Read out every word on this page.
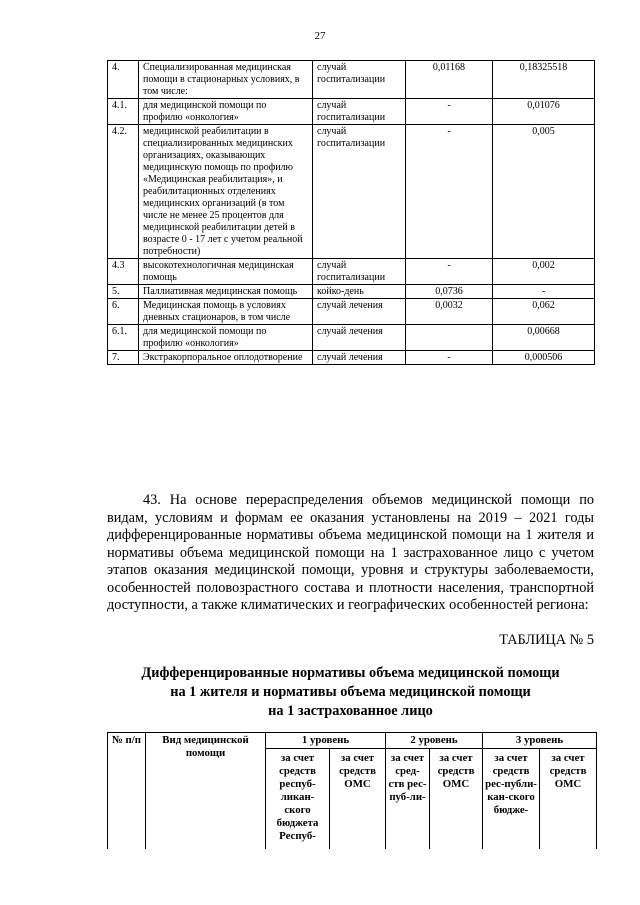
27
4.	Специализированная медицинская помощи в стационарных условиях, в том числе:	случай госпитализации	0,01168	0,18325518
4.1.	для медицинской помощи по профилю «онкология»	случай госпитализации	-	0,01076
4.2.	медицинской реабилитации в специализированных медицинских организациях, оказывающих медицинскую помощь по профилю «Медицинская реабилитация», и реабилитационных отделениях медицинских организаций (в том числе не менее 25 процентов для медицинской реабилитации детей в возрасте 0 - 17 лет с учетом реальной потребности)	случай госпитализации	-	0,005
4.3	высокотехнологичная медицинская помощь	случай госпитализации	-	0,002
5.	Паллиативная медицинская помощь	койко-день	0,0736	-
6.	Медицинская помощь в условиях дневных стационаров, в том числе	случай лечения	0,0032	0,062
6.1.	для медицинской помощи по профилю «онкология»	случай лечения		0,00668
7.	Экстракорпоральное оплодотворение	случай лечения	-	0,000506

43. На основе перераспределения объемов медицинской помощи по видам, условиям и формам ее оказания установлены на 2019 – 2021 годы дифференцированные нормативы объема медицинской помощи на 1 жителя и нормативы объема медицинской помощи на 1 застрахованное лицо с учетом этапов оказания медицинской помощи, уровня и структуры заболеваемости, особенностей половозрастного состава и плотности населения, транспортной доступности, а также климатических и географических особенностей региона:

ТАБЛИЦА № 5
Дифференцированные нормативы объема медицинской помощи
на 1 жителя и нормативы объема медицинской помощи
на 1 застрахованное лицо
№ п/п	Вид медицинской помощи	1 уровень		2 уровень		3 уровень	
		за счет средств респуб-ликан-ского бюджета Респуб-	за счет средств ОМС	за счет сред-ств рес-пуб-ли-	за счет средств ОМС	за счет средств рес-публи-кан-ского бюдже-	за счет средств ОМС
